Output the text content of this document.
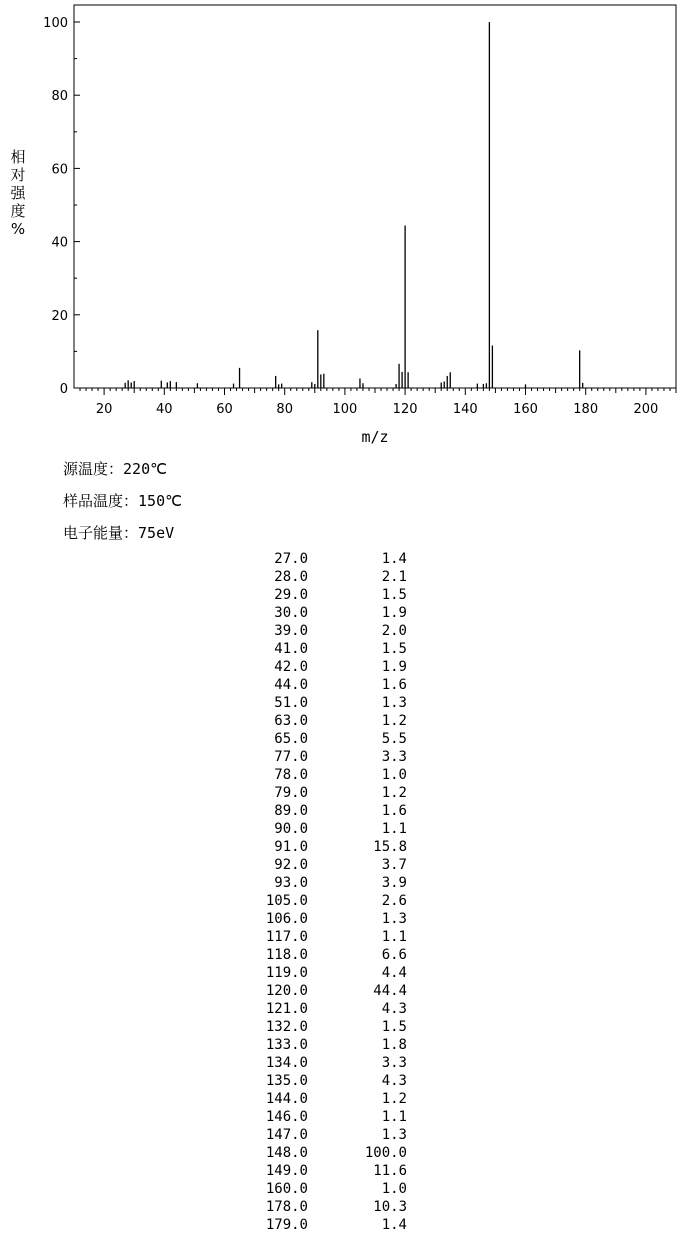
0
20
40
60
80
100
20	40	60	80	100	120	140	160	180	200
m/z
相
对
强
度
%
源温度：220℃
样品温度：150℃
电子能量：75eV
27.0	1.4
28.0	2.1
29.0	1.5
30.0	1.9
39.0	2.0
41.0	1.5
42.0	1.9
44.0	1.6
51.0	1.3
63.0	1.2
65.0	5.5
77.0	3.3
78.0	1.0
79.0	1.2
89.0	1.6
90.0	1.1
91.0	15.8
92.0	3.7
93.0	3.9
105.0	2.6
106.0	1.3
117.0	1.1
118.0	6.6
119.0	4.4
120.0	44.4
121.0	4.3
132.0	1.5
133.0	1.8
134.0	3.3
135.0	4.3
144.0	1.2
146.0	1.1
147.0	1.3
148.0	100.0
149.0	11.6
160.0	1.0
178.0	10.3
179.0	1.4
